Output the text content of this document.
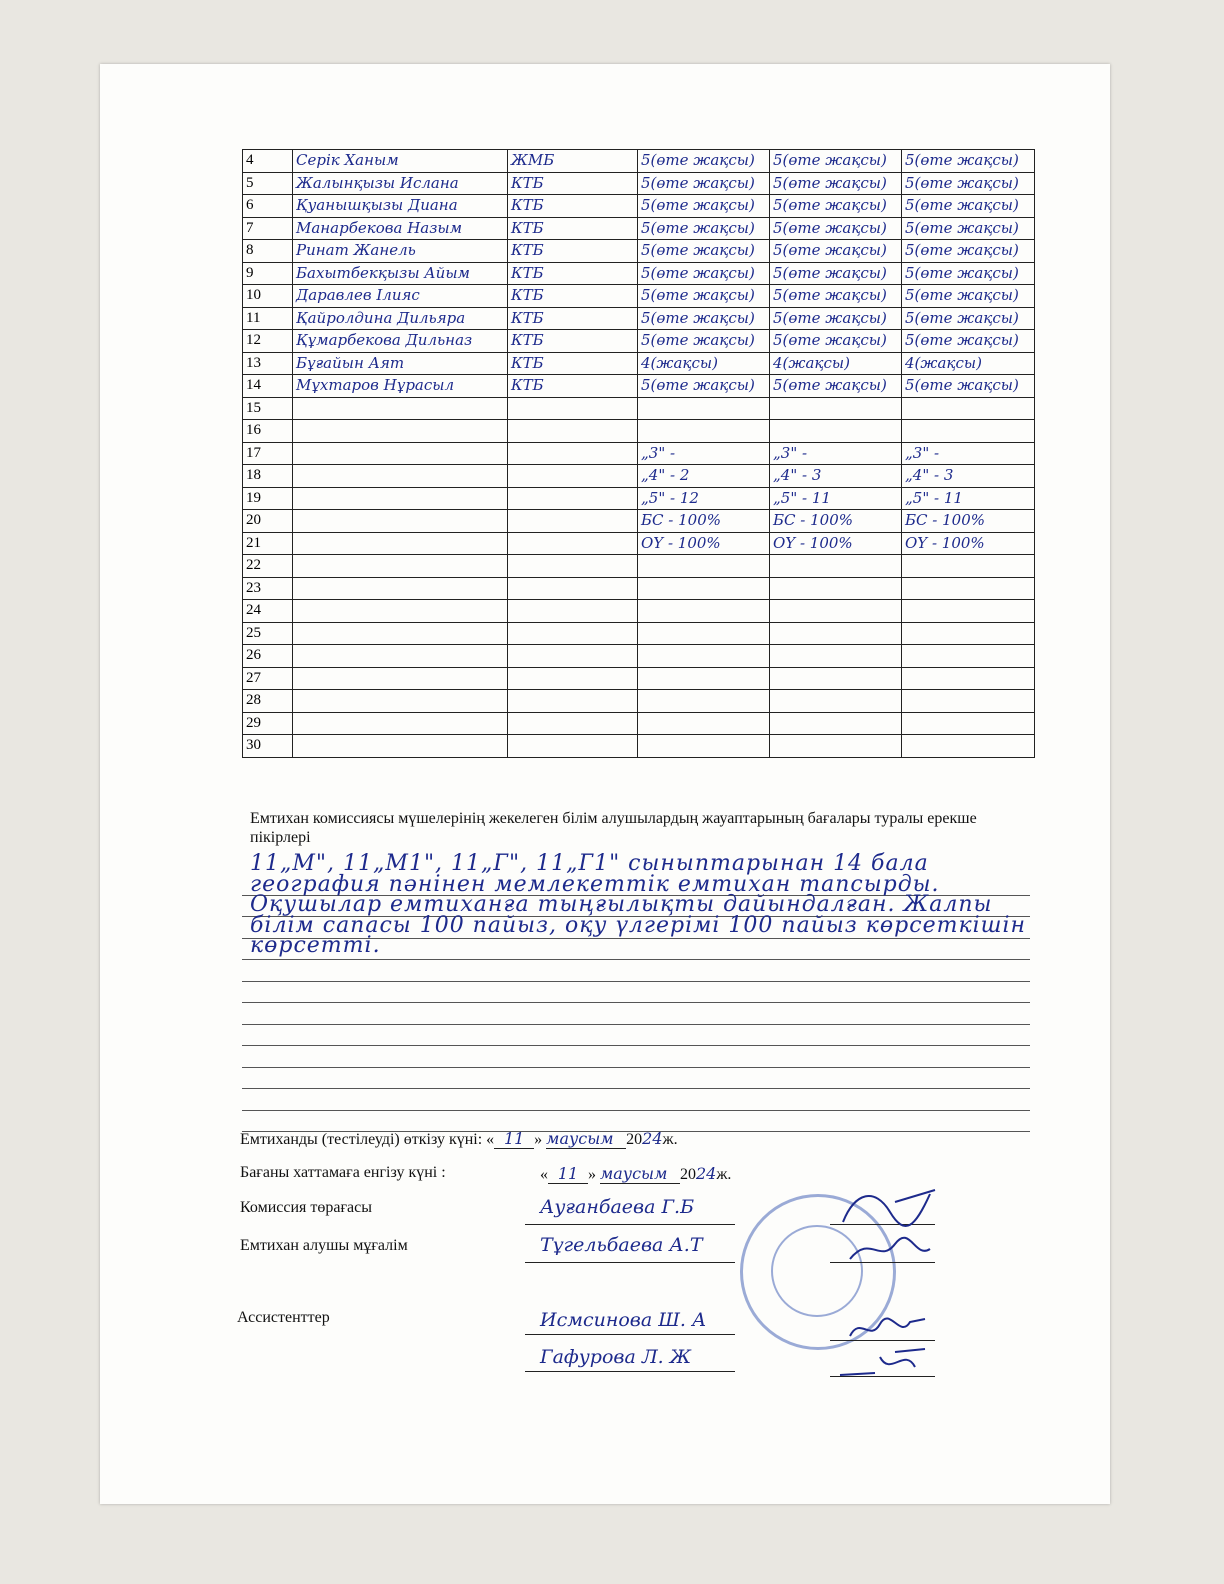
4	Серік Ханым	ЖМБ	5(өте жақсы)	5(өте жақсы)	5(өте жақсы)
5	Жалынқызы Ислана	КТБ	5(өте жақсы)	5(өте жақсы)	5(өте жақсы)
6	Қуанышқызы Диана	КТБ	5(өте жақсы)	5(өте жақсы)	5(өте жақсы)
7	Манарбекова Назым	КТБ	5(өте жақсы)	5(өте жақсы)	5(өте жақсы)
8	Ринат Жанель	КТБ	5(өте жақсы)	5(өте жақсы)	5(өте жақсы)
9	Бахытбекқызы Айым	КТБ	5(өте жақсы)	5(өте жақсы)	5(өте жақсы)
10	Даравлев Ілияс	КТБ	5(өте жақсы)	5(өте жақсы)	5(өте жақсы)
11	Қайролдина Дильяра	КТБ	5(өте жақсы)	5(өте жақсы)	5(өте жақсы)
12	Құмарбекова Дильназ	КТБ	5(өте жақсы)	5(өте жақсы)	5(өте жақсы)
13	Бұғайын Аят	КТБ	4(жақсы)	4(жақсы)	4(жақсы)
14	Мұхтаров Нұрасыл	КТБ	5(өте жақсы)	5(өте жақсы)	5(өте жақсы)
15					
16					
17			„3" -	„3" -	„3" -
18			„4" - 2	„4" - 3	„4" - 3
19			„5" - 12	„5" - 11	„5" - 11
20			БС - 100%	БС - 100%	БС - 100%
21			ОҮ - 100%	ОҮ - 100%	ОҮ - 100%
22					
23					
24					
25					
26					
27					
28					
29					
30					
Емтихан комиссиясы мүшелерінің жекелеген білім алушылардың жауаптарының бағалары туралы ерекше пікірлері
11„М", 11„М1", 11„Г", 11„Г1" сыныптарынан 14 бала география пәнінен мемлекеттік емтихан тапсырды. Оқушылар емтиханға тыңғылықты дайындалған. Жалпы білім сапасы 100 пайыз, оқу үлгерімі 100 пайыз көрсеткішін көрсетті.
Емтиханды (тестілеуді) өткізу күні: « 11 » маусым 2024ж.
Бағаны хаттамаға енгізу күні :	« 11 » маусым 2024ж.
Комиссия төрағасы	Ауғанбаева Г.Б
Емтихан алушы мұғалім	Тұгельбаева А.Т
Ассистенттер	Исмсинова Ш. А
Гафурова Л. Ж
